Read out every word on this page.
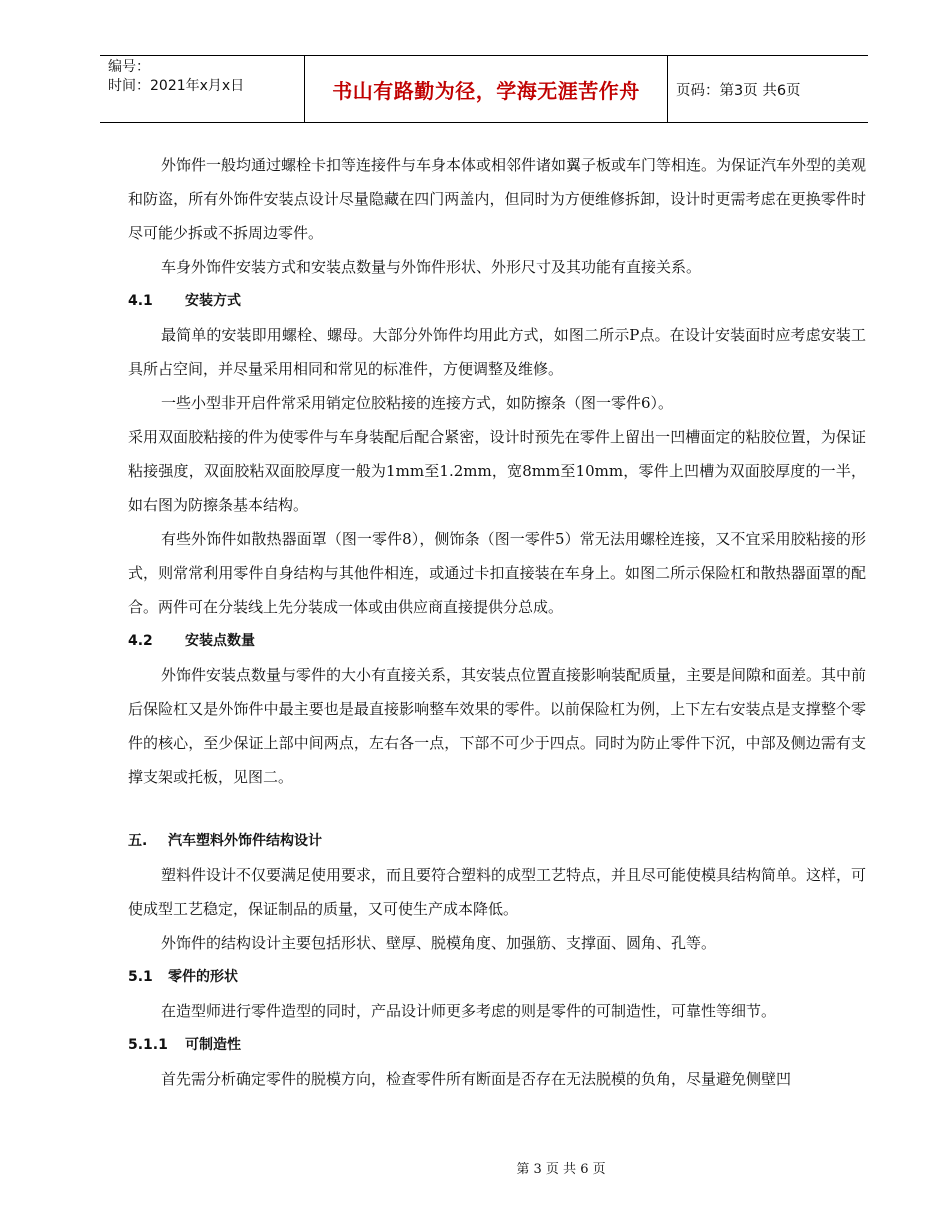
编号：
时间：2021年x月x日	书山有路勤为径，学海无涯苦作舟	页码：第3页 共6页

外饰件一般均通过螺栓卡扣等连接件与车身本体或相邻件诸如翼子板或车门等相连。为保证汽车外型的美观和防盗，所有外饰件安装点设计尽量隐藏在四门两盖内，但同时为方便维修拆卸，设计时更需考虑在更换零件时尽可能少拆或不拆周边零件。

车身外饰件安装方式和安装点数量与外饰件形状、外形尺寸及其功能有直接关系。

4.1 安装方式

最简单的安装即用螺栓、螺母。大部分外饰件均用此方式，如图二所示P点。在设计安装面时应考虑安装工具所占空间，并尽量采用相同和常见的标准件，方便调整及维修。

一些小型非开启件常采用销定位胶粘接的连接方式，如防擦条（图一零件6）。

采用双面胶粘接的件为使零件与车身装配后配合紧密，设计时预先在零件上留出一凹槽面定的粘胶位置，为保证粘接强度，双面胶粘双面胶厚度一般为1mm至1.2mm，宽8mm至10mm，零件上凹槽为双面胶厚度的一半，如右图为防擦条基本结构。

有些外饰件如散热器面罩（图一零件8），侧饰条（图一零件5）常无法用螺栓连接，又不宜采用胶粘接的形式，则常常利用零件自身结构与其他件相连，或通过卡扣直接装在车身上。如图二所示保险杠和散热器面罩的配合。两件可在分装线上先分装成一体或由供应商直接提供分总成。

4.2 安装点数量

外饰件安装点数量与零件的大小有直接关系，其安装点位置直接影响装配质量，主要是间隙和面差。其中前后保险杠又是外饰件中最主要也是最直接影响整车效果的零件。以前保险杠为例，上下左右安装点是支撑整个零件的核心，至少保证上部中间两点，左右各一点，下部不可少于四点。同时为防止零件下沉，中部及侧边需有支撑支架或托板，见图二。

五. 汽车塑料外饰件结构设计

塑料件设计不仅要满足使用要求，而且要符合塑料的成型工艺特点，并且尽可能使模具结构简单。这样，可使成型工艺稳定，保证制品的质量，又可使生产成本降低。

外饰件的结构设计主要包括形状、壁厚、脱模角度、加强筋、支撑面、圆角、孔等。

5.1 零件的形状

在造型师进行零件造型的同时，产品设计师更多考虑的则是零件的可制造性，可靠性等细节。

5.1.1 可制造性

首先需分析确定零件的脱模方向，检查零件所有断面是否存在无法脱模的负角，尽量避免侧壁凹

第 3 页 共 6 页
